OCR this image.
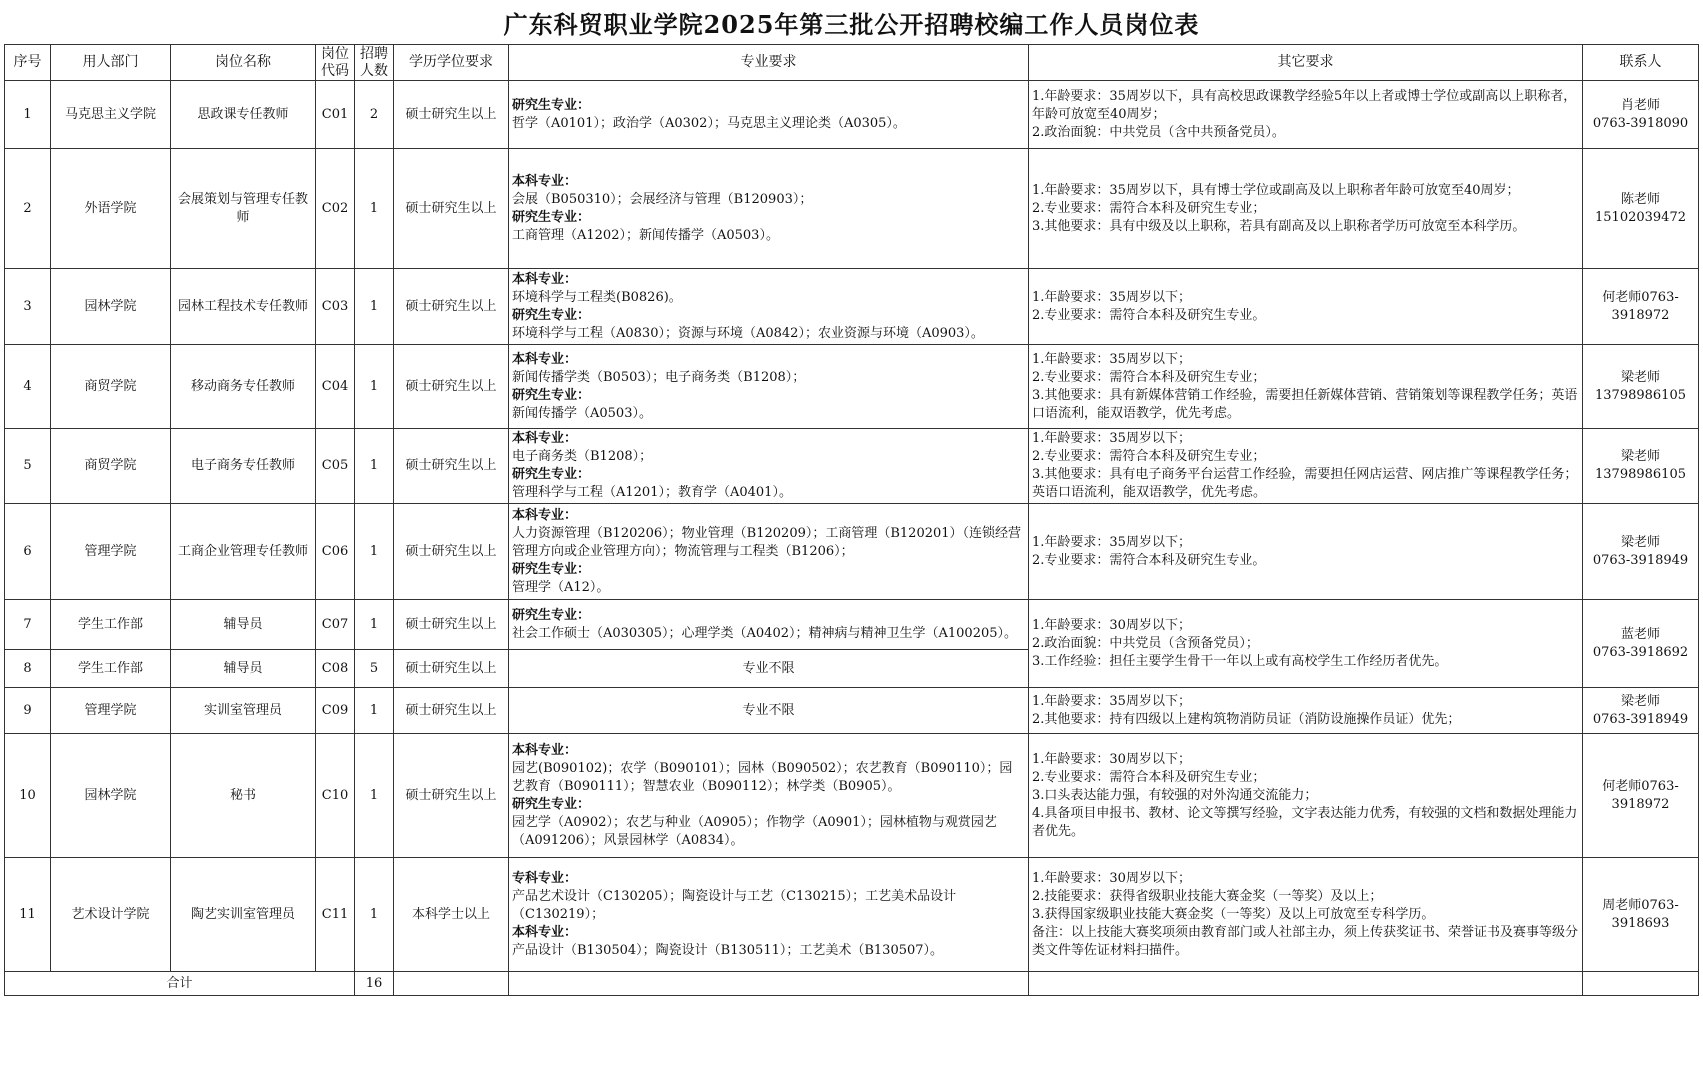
广东科贸职业学院2025年第三批公开招聘校编工作人员岗位表
序号	用人部门	岗位名称	岗位代码	招聘人数	学历学位要求	专业要求	其它要求	联系人
1	马克思主义学院	思政课专任教师	C01	2	硕士研究生以上	研究生专业：
哲学（A0101）；政治学（A0302）；马克思主义理论类（A0305）。	1.年龄要求：35周岁以下，具有高校思政课教学经验5年以上者或博士学位或副高以上职称者，年龄可放宽至40周岁；
2.政治面貌：中共党员（含中共预备党员）。	肖老师
0763-3918090

2	外语学院	会展策划与管理专任教师	C02	1	硕士研究生以上	本科专业：
会展（B050310）；会展经济与管理（B120903）；
研究生专业：
工商管理（A1202）；新闻传播学（A0503）。	1.年龄要求：35周岁以下，具有博士学位或副高及以上职称者年龄可放宽至40周岁；
2.专业要求：需符合本科及研究生专业；
3.其他要求：具有中级及以上职称，若具有副高及以上职称者学历可放宽至本科学历。	陈老师
15102039472

3	园林学院	园林工程技术专任教师	C03	1	硕士研究生以上	本科专业：
环境科学与工程类(B0826)。
研究生专业：
环境科学与工程（A0830）；资源与环境（A0842）；农业资源与环境（A0903）。	1.年龄要求：35周岁以下；
2.专业要求：需符合本科及研究生专业。	何老师0763-
3918972

4	商贸学院	移动商务专任教师	C04	1	硕士研究生以上	本科专业：
新闻传播学类（B0503）；电子商务类（B1208）；
研究生专业：
新闻传播学（A0503）。	1.年龄要求：35周岁以下；
2.专业要求：需符合本科及研究生专业；
3.其他要求：具有新媒体营销工作经验，需要担任新媒体营销、营销策划等课程教学任务；英语口语流利，能双语教学，优先考虑。	梁老师
13798986105

5	商贸学院	电子商务专任教师	C05	1	硕士研究生以上	本科专业：
电子商务类（B1208）；
研究生专业：
管理科学与工程（A1201）；教育学（A0401）。	1.年龄要求：35周岁以下；
2.专业要求：需符合本科及研究生专业；
3.其他要求：具有电子商务平台运营工作经验，需要担任网店运营、网店推广等课程教学任务；英语口语流利，能双语教学，优先考虑。	梁老师
13798986105

6	管理学院	工商企业管理专任教师	C06	1	硕士研究生以上	本科专业：
人力资源管理（B120206）；物业管理（B120209）；工商管理（B120201）（连锁经营管理方向或企业管理方向）；物流管理与工程类（B1206）；
研究生专业：
管理学（A12）。	1.年龄要求：35周岁以下；
2.专业要求：需符合本科及研究生专业。	梁老师
0763-3918949

7	学生工作部	辅导员	C07	1	硕士研究生以上	研究生专业：
社会工作硕士（A030305）；心理学类（A0402）；精神病与精神卫生学（A100205）。	1.年龄要求：30周岁以下；
2.政治面貌：中共党员（含预备党员）；
3.工作经验：担任主要学生骨干一年以上或有高校学生工作经历者优先。	蓝老师
0763-3918692

8	学生工作部	辅导员	C08	5	硕士研究生以上	专业不限		
9	管理学院	实训室管理员	C09	1	硕士研究生以上	专业不限	1.年龄要求：35周岁以下；
2.其他要求：持有四级以上建构筑物消防员证（消防设施操作员证）优先；	梁老师
0763-3918949

10	园林学院	秘书	C10	1	硕士研究生以上	本科专业：
园艺(B090102)；农学（B090101）；园林（B090502）；农艺教育（B090110）；园艺教育（B090111）；智慧农业（B090112）；林学类（B0905）。
研究生专业：
园艺学（A0902）；农艺与种业（A0905）；作物学（A0901）；园林植物与观赏园艺（A091206）；风景园林学（A0834）。	1.年龄要求：30周岁以下；
2.专业要求：需符合本科及研究生专业；
3.口头表达能力强，有较强的对外沟通交流能力；
4.具备项目申报书、教材、论文等撰写经验，文字表达能力优秀，有较强的文档和数据处理能力者优先。	何老师0763-
3918972

11	艺术设计学院	陶艺实训室管理员	C11	1	本科学士以上	专科专业：
产品艺术设计（C130205）；陶瓷设计与工艺（C130215）；工艺美术品设计（C130219）；
本科专业：
产品设计（B130504）；陶瓷设计（B130511）；工艺美术（B130507）。	1.年龄要求：30周岁以下；
2.技能要求：获得省级职业技能大赛金奖（一等奖）及以上；
3.获得国家级职业技能大赛金奖（一等奖）及以上可放宽至专科学历。
备注：以上技能大赛奖项须由教育部门或人社部主办，须上传获奖证书、荣誉证书及赛事等级分类文件等佐证材料扫描件。	周老师0763-
3918693

合计				16				
